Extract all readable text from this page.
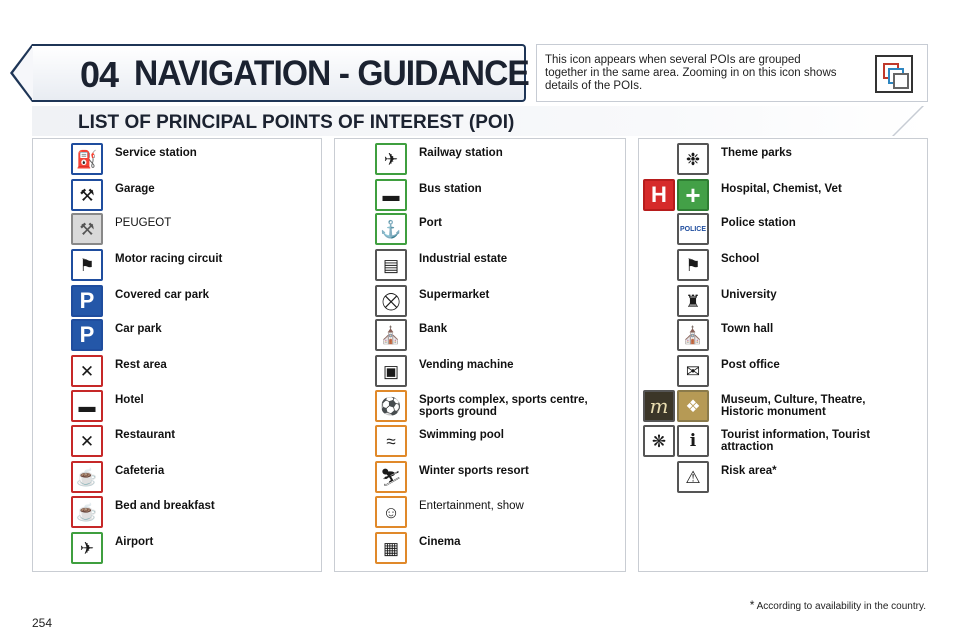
04 NAVIGATION - GUIDANCE This icon appears when several POIs are grouped together in the same area. Zooming in on this icon shows details of the POIs.
LIST OF PRINCIPAL POINTS OF INTEREST (POI)
⛽	Service station
⚒	Garage
⚒	PEUGEOT
⚑	Motor racing circuit
P	Covered car park
P	Car park
✕	Rest area
▬	Hotel
✕	Restaurant
☕	Cafeteria
☕	Bed and breakfast
✈	Airport
✈	Railway station
▬	Bus station
⚓	Port
▤	Industrial estate
⛒	Supermarket
⛪	Bank
▣	Vending machine
⚽	Sports complex, sports centre, sports ground
≈	Swimming pool
⛷	Winter sports resort
☺	Entertainment, show
▦	Cinema
❉	Theme parks
H +	Hospital, Chemist, Vet
POLICE Police station
⚑	School
♜	University
⛪	Town hall
✉	Post office
m ❖	Museum, Culture, Theatre, Historic monument
❋	i	Tourist information, Tourist attraction
⚠	Risk area*
* According to availability in the country.
254
